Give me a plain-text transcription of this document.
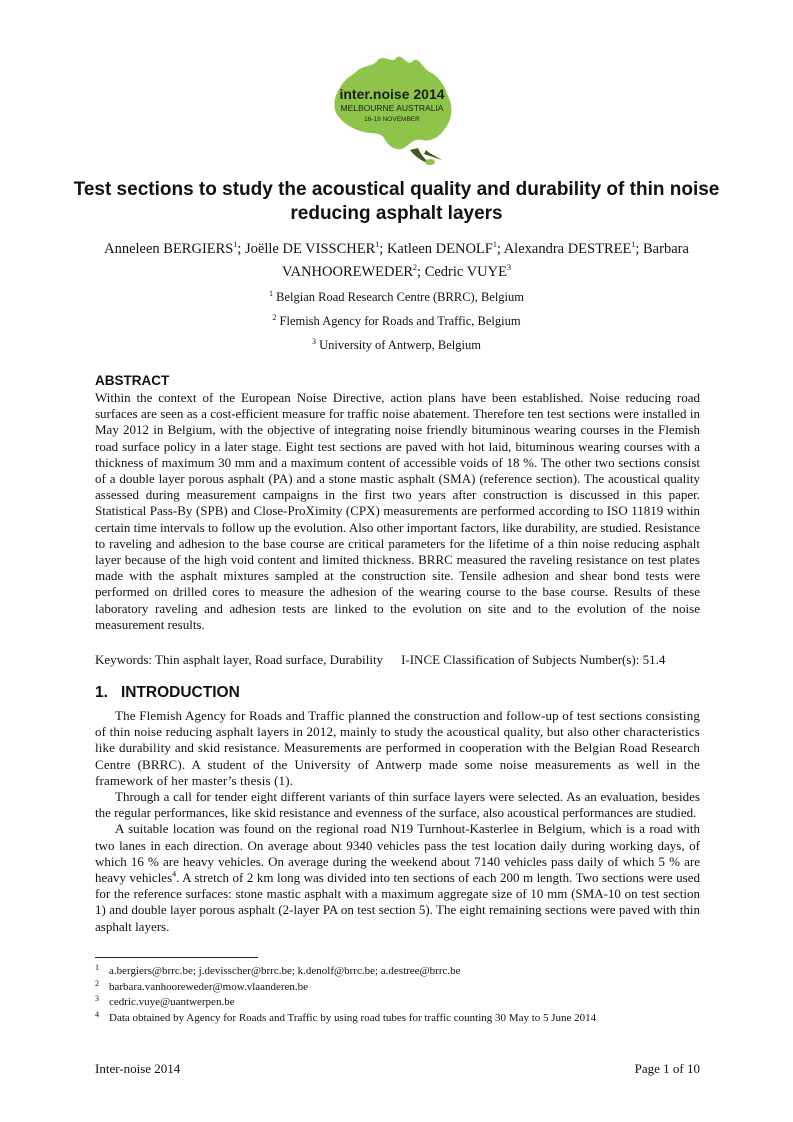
inter.noise 2014
MELBOURNE AUSTRALIA
16-19 NOVEMBER
Test sections to study the acoustical quality and durability of thin noise reducing asphalt layers
Anneleen BERGIERS$^1$; Joëlle DE VISSCHER$^1$; Katleen DENOLF$^1$; Alexandra DESTREE$^1$; Barbara VANHOOREWEDER$^2$; Cedric VUYE$^3$
$^1$ Belgian Road Research Centre (BRRC), Belgium
$^2$ Flemish Agency for Roads and Traffic, Belgium
$^3$ University of Antwerp, Belgium
ABSTRACT

Within the context of the European Noise Directive, action plans have been established. Noise reducing road surfaces are seen as a cost-efficient measure for traffic noise abatement. Therefore ten test sections were installed in May 2012 in Belgium, with the objective of integrating noise friendly bituminous wearing courses in the Flemish road surface policy in a later stage. Eight test sections are paved with hot laid, bituminous wearing courses with a thickness of maximum 30 mm and a maximum content of accessible voids of 18 %. The other two sections consist of a double layer porous asphalt (PA) and a stone mastic asphalt (SMA) (reference section). The acoustical quality assessed during measurement campaigns in the first two years after construction is discussed in this paper. Statistical Pass-By (SPB) and Close-ProXimity (CPX) measurements are performed according to ISO 11819 within certain time intervals to follow up the evolution. Also other important factors, like durability, are studied. Resistance to raveling and adhesion to the base course are critical parameters for the lifetime of a thin noise reducing asphalt layer because of the high void content and limited thickness. BRRC measured the raveling resistance on test plates made with the asphalt mixtures sampled at the construction site. Tensile adhesion and shear bond tests were performed on drilled cores to measure the adhesion of the wearing course to the base course. Results of these laboratory raveling and adhesion tests are linked to the evolution on site and to the evolution of the noise measurement results.

Keywords: Thin asphalt layer, Road surface, Durability I-INCE Classification of Subjects Number(s): 51.4

1. INTRODUCTION

The Flemish Agency for Roads and Traffic planned the construction and follow-up of test sections consisting of thin noise reducing asphalt layers in 2012, mainly to study the acoustical quality, but also other characteristics like durability and skid resistance. Measurements are performed in cooperation with the Belgian Road Research Centre (BRRC). A student of the University of Antwerp made some noise measurements as well in the framework of her master’s thesis (1).

Through a call for tender eight different variants of thin surface layers were selected. As an evaluation, besides the regular performances, like skid resistance and evenness of the surface, also acoustical performances are studied.

A suitable location was found on the regional road N19 Turnhout-Kasterlee in Belgium, which is a road with two lanes in each direction. On average about 9340 vehicles pass the test location daily during working days, of which 16 % are heavy vehicles. On average during the weekend about 7140 vehicles pass daily of which 5 % are heavy vehicles$^4$. A stretch of 2 km long was divided into ten sections of each 200 m length. Two sections were used for the reference surfaces: stone mastic asphalt with a maximum aggregate size of 10 mm (SMA-10 on test section 1) and double layer porous asphalt (2-layer PA on test section 5). The eight remaining sections were paved with thin asphalt layers.

1 a.bergiers@brrc.be; j.devisscher@brrc.be; k.denolf@brrc.be; a.destree@brrc.be
2 barbara.vanhooreweder@mow.vlaanderen.be
3 cedric.vuye@uantwerpen.be
4 Data obtained by Agency for Roads and Traffic by using road tubes for traffic counting 30 May to 5 June 2014
Inter-noise 2014	Page 1 of 10
